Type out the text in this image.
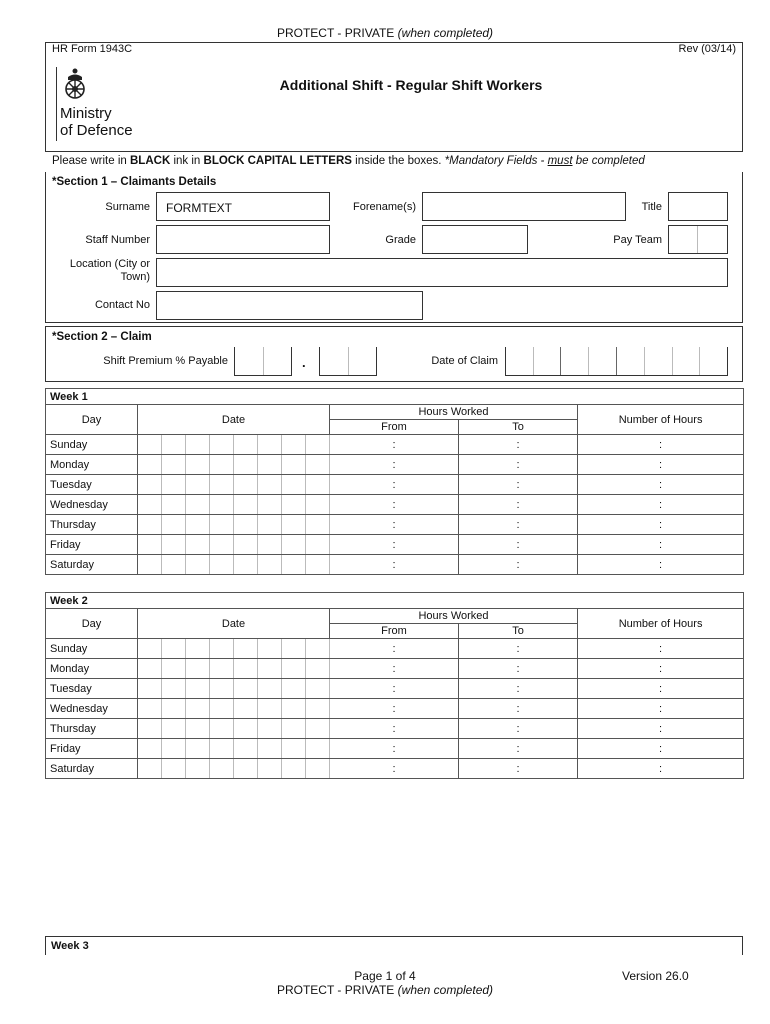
PROTECT - PRIVATE (when completed)
HR Form 1943C	Rev (03/14)
Ministry
of Defence
Additional Shift - Regular Shift Workers
Please write in BLACK ink in BLOCK CAPITAL LETTERS inside the boxes. *Mandatory Fields - must be completed
*Section 1 – Claimants Details
Surname FORMTEXT	Forename(s)	Title
Staff Number	Grade	Pay Team
Location (City or Town)
Contact No
*Section 2 – Claim
Shift Premium % Payable	.	Date of Claim
Week 1											
Day	Date								Hours Worked		Number of Hours
									From	To	
Sunday									:	:	:
Monday									:	:	:
Tuesday									:	:	:
Wednesday									:	:	:
Thursday									:	:	:
Friday									:	:	:
Saturday									:	:	:
Week 2											
Day	Date								Hours Worked		Number of Hours
									From	To	
Sunday									:	:	:
Monday									:	:	:
Tuesday									:	:	:
Wednesday									:	:	:
Thursday									:	:	:
Friday									:	:	:
Saturday									:	:	:
Week 3
Page 1 of 4
PROTECT - PRIVATE (when completed)
Version 26.0
